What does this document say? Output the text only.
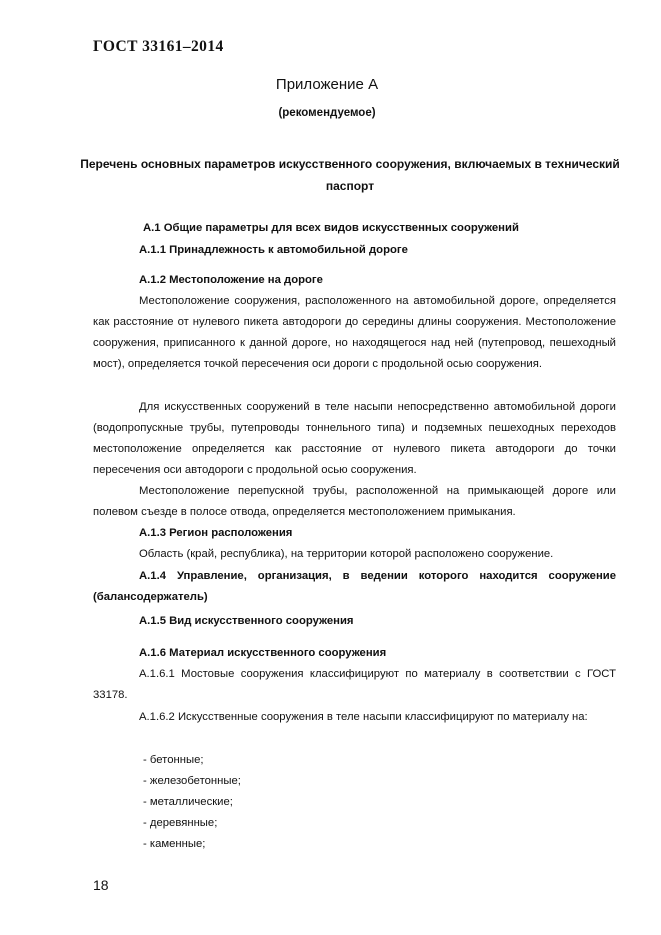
ГОСТ 33161–2014
Приложение А
(рекомендуемое)
Перечень основных параметров искусственного сооружения, включаемых в технический паспорт
А.1 Общие параметры для всех видов искусственных сооружений
А.1.1 Принадлежность к автомобильной дороге
А.1.2 Местоположение на дороге
Местоположение сооружения, расположенного на автомобильной дороге, определяется как расстояние от нулевого пикета автодороги до середины длины сооружения. Местоположение сооружения, приписанного к данной дороге, но находящегося над ней (путепровод, пешеходный мост), определяется точкой пересечения оси дороги с продольной осью сооружения.
Для искусственных сооружений в теле насыпи непосредственно автомобильной дороги (водопропускные трубы, путепроводы тоннельного типа) и подземных пешеходных переходов местоположение определяется как расстояние от нулевого пикета автодороги до точки пересечения оси автодороги с продольной осью сооружения.
Местоположение перепускной трубы, расположенной на примыкающей дороге или полевом съезде в полосе отвода, определяется местоположением примыкания.
А.1.3 Регион расположения
Область (край, республика), на территории которой расположено сооружение.
А.1.4 Управление, организация, в ведении которого находится сооружение (балансодержатель)
А.1.5 Вид искусственного сооружения
А.1.6 Материал искусственного сооружения
А.1.6.1 Мостовые сооружения классифицируют по материалу в соответствии с ГОСТ 33178.
А.1.6.2 Искусственные сооружения в теле насыпи классифицируют по материалу на:
- бетонные;
- железобетонные;
- металлические;
- деревянные;
- каменные;
18
